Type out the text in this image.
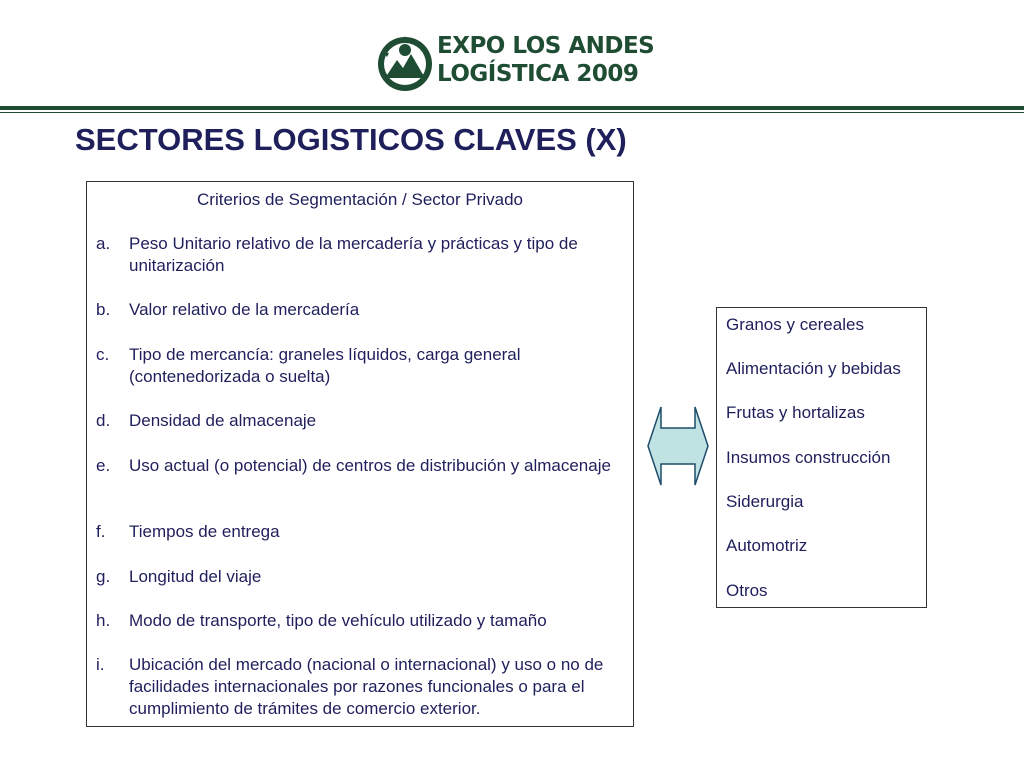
EXPO LOS ANDES
LOGÍSTICA 2009
SECTORES LOGISTICOS CLAVES (X)
Criterios de Segmentación / Sector Privado
a. Peso Unitario relativo de la mercadería y prácticas y tipo de unitarización
b. Valor relativo de la mercadería
c. Tipo de mercancía: graneles líquidos, carga general (contenedorizada o suelta)
d. Densidad de almacenaje
e. Uso actual (o potencial) de centros de distribución y almacenaje
f. Tiempos de entrega
g. Longitud del viaje
h. Modo de transporte, tipo de vehículo utilizado y tamaño
i. Ubicación del mercado (nacional o internacional) y uso o no de facilidades internacionales por razones funcionales o para el cumplimiento de trámites de comercio exterior.
Granos y cereales
Alimentación y bebidas
Frutas y hortalizas
Insumos construcción
Siderurgia
Automotriz
Otros
